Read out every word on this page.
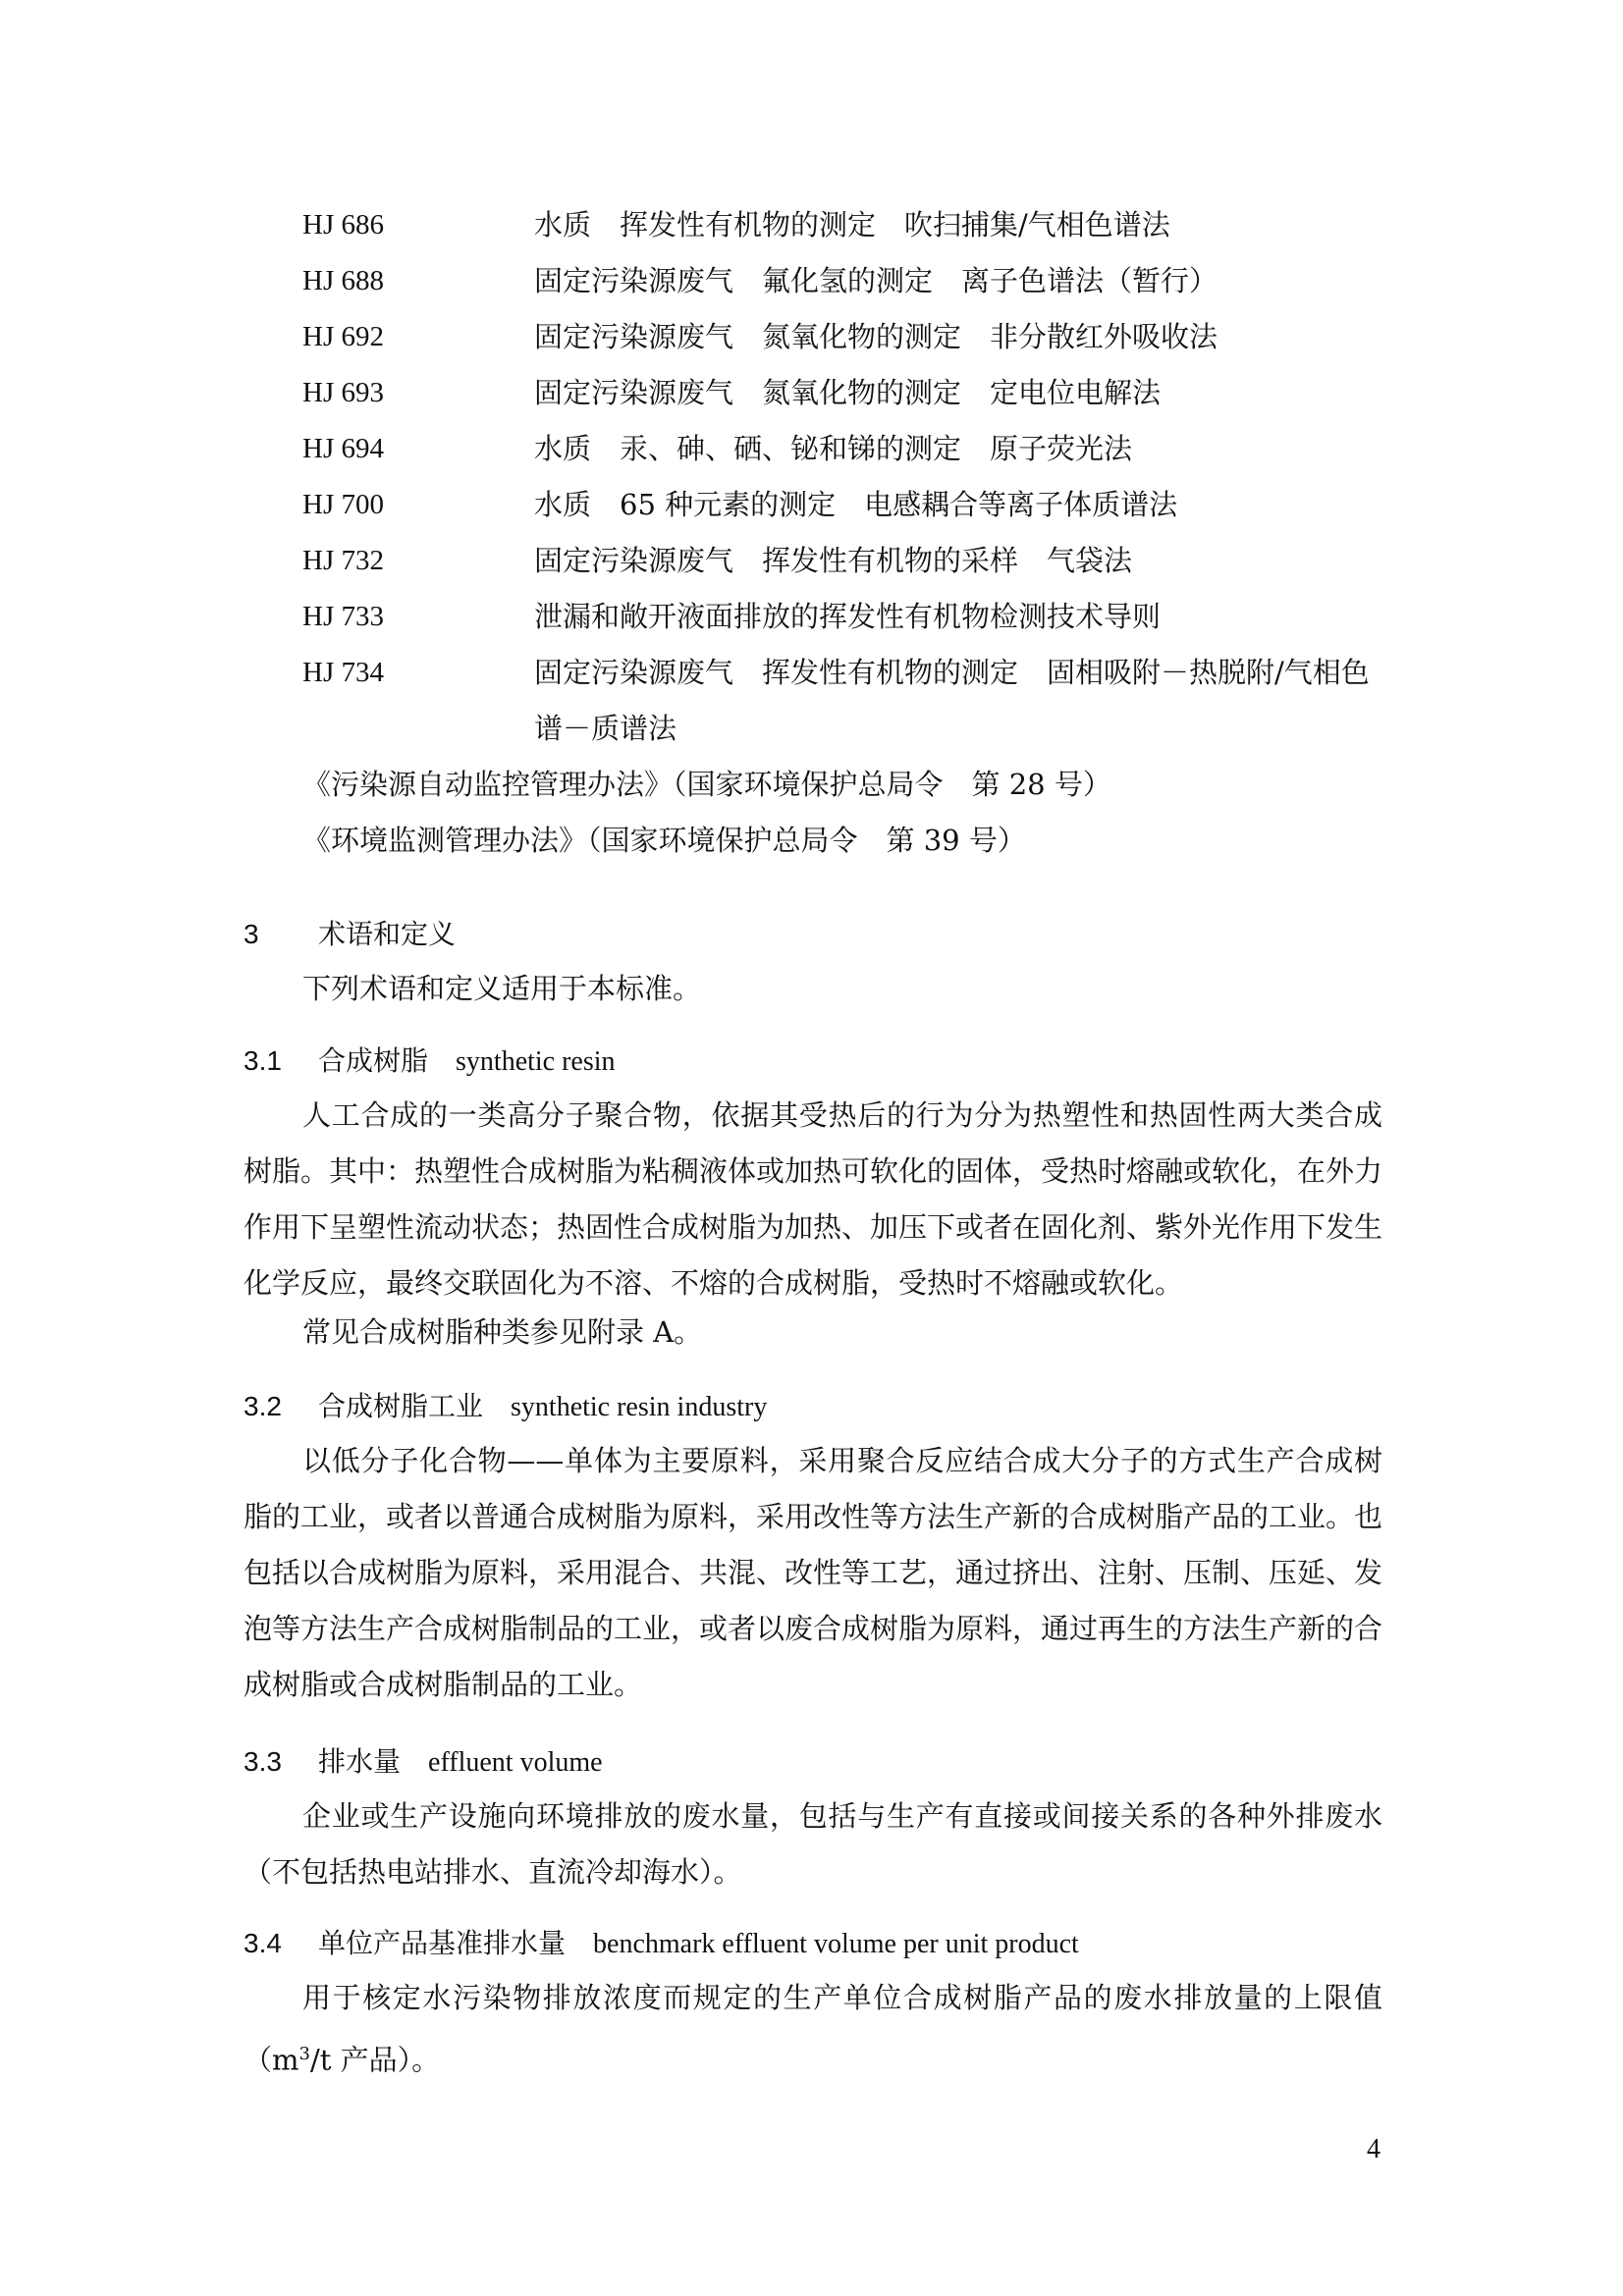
HJ 686	水质　挥发性有机物的测定　吹扫捕集/气相色谱法
HJ 688	固定污染源废气　氟化氢的测定　离子色谱法（暂行）
HJ 692	固定污染源废气　氮氧化物的测定　非分散红外吸收法
HJ 693	固定污染源废气　氮氧化物的测定　定电位电解法
HJ 694	水质　汞、砷、硒、铋和锑的测定　原子荧光法
HJ 700	水质　65 种元素的测定　电感耦合等离子体质谱法
HJ 732	固定污染源废气　挥发性有机物的采样　气袋法
HJ 733	泄漏和敞开液面排放的挥发性有机物检测技术导则
HJ 734	固定污染源废气　挥发性有机物的测定　固相吸附－热脱附/气相色
谱－质谱法
《污染源自动监控管理办法》（国家环境保护总局令　第 28 号）
《环境监测管理办法》（国家环境保护总局令　第 39 号）
3 术语和定义
下列术语和定义适用于本标准。
3.1 合成树脂 synthetic resin
人工合成的一类高分子聚合物，依据其受热后的行为分为热塑性和热固性两大类合成树脂。其中：热塑性合成树脂为粘稠液体或加热可软化的固体，受热时熔融或软化，在外力作用下呈塑性流动状态；热固性合成树脂为加热、加压下或者在固化剂、紫外光作用下发生化学反应，最终交联固化为不溶、不熔的合成树脂，受热时不熔融或软化。
常见合成树脂种类参见附录 A。
3.2 合成树脂工业 synthetic resin industry
以低分子化合物——单体为主要原料，采用聚合反应结合成大分子的方式生产合成树脂的工业，或者以普通合成树脂为原料，采用改性等方法生产新的合成树脂产品的工业。也包括以合成树脂为原料，采用混合、共混、改性等工艺，通过挤出、注射、压制、压延、发泡等方法生产合成树脂制品的工业，或者以废合成树脂为原料，通过再生的方法生产新的合成树脂或合成树脂制品的工业。
3.3 排水量 effluent volume
企业或生产设施向环境排放的废水量，包括与生产有直接或间接关系的各种外排废水（不包括热电站排水、直流冷却海水）。
3.4 单位产品基准排水量 benchmark effluent volume per unit product
用于核定水污染物排放浓度而规定的生产单位合成树脂产品的废水排放量的上限值（$m^3/t$ 产品）。
4
